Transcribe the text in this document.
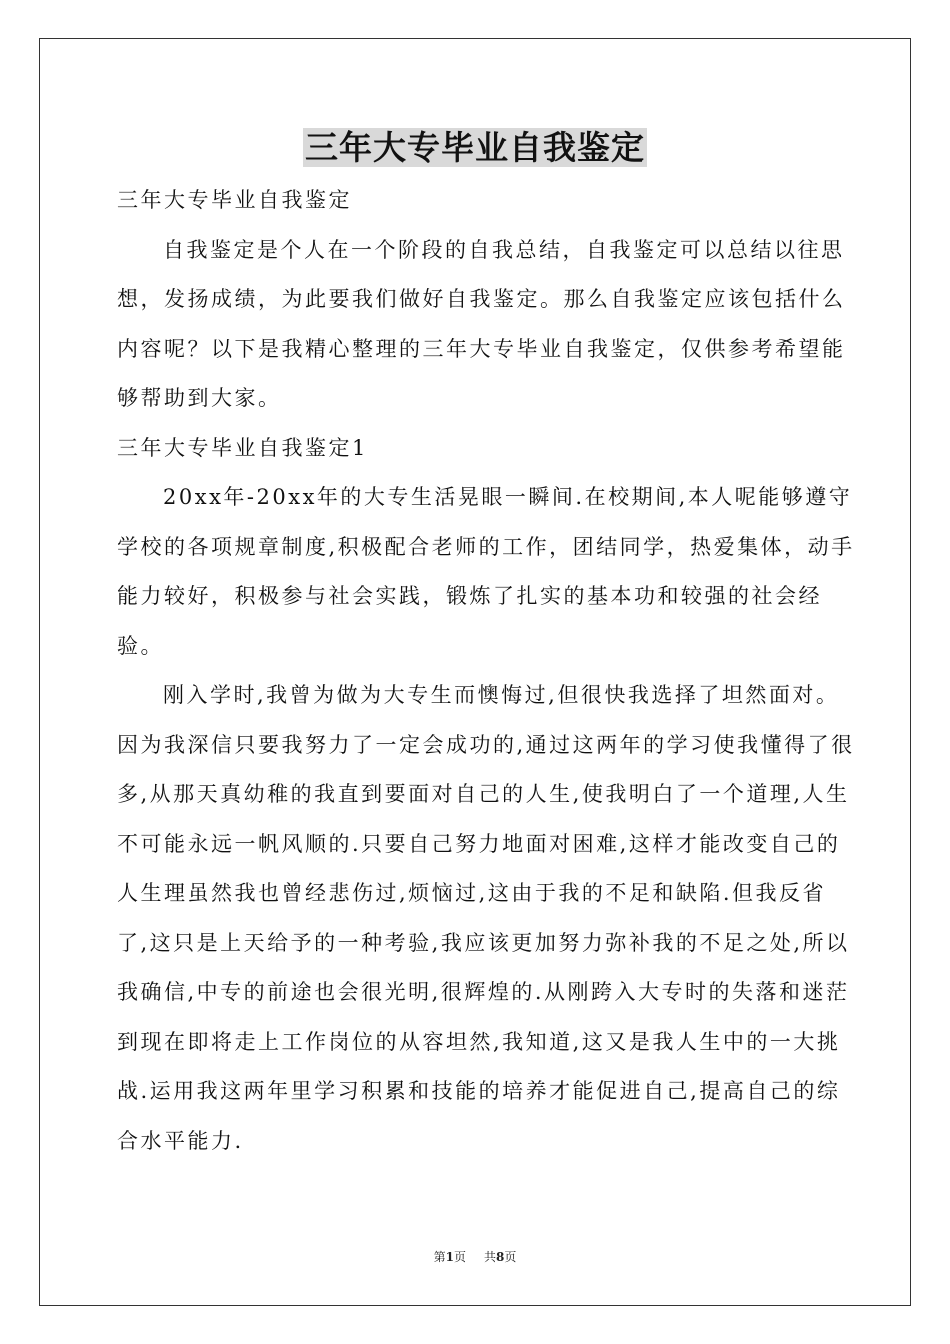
三年大专毕业自我鉴定

三年大专毕业自我鉴定

自我鉴定是个人在一个阶段的自我总结，自我鉴定可以总结以往思想，发扬成绩，为此要我们做好自我鉴定。那么自我鉴定应该包括什么内容呢？以下是我精心整理的三年大专毕业自我鉴定，仅供参考希望能够帮助到大家。

三年大专毕业自我鉴定1

20xx年-20xx年的大专生活晃眼一瞬间.在校期间,本人呢能够遵守学校的各项规章制度,积极配合老师的工作，团结同学，热爱集体，动手能力较好，积极参与社会实践，锻炼了扎实的基本功和较强的社会经验。

刚入学时,我曾为做为大专生而懊悔过,但很快我选择了坦然面对。因为我深信只要我努力了一定会成功的,通过这两年的学习使我懂得了很多,从那天真幼稚的我直到要面对自己的人生,使我明白了一个道理,人生不可能永远一帆风顺的.只要自己努力地面对困难,这样才能改变自己的人生理虽然我也曾经悲伤过,烦恼过,这由于我的不足和缺陷.但我反省了,这只是上天给予的一种考验,我应该更加努力弥补我的不足之处,所以我确信,中专的前途也会很光明,很辉煌的.从刚跨入大专时的失落和迷茫到现在即将走上工作岗位的从容坦然,我知道,这又是我人生中的一大挑战.运用我这两年里学习积累和技能的培养才能促进自己,提高自己的综合水平能力.

第1页 共8页
